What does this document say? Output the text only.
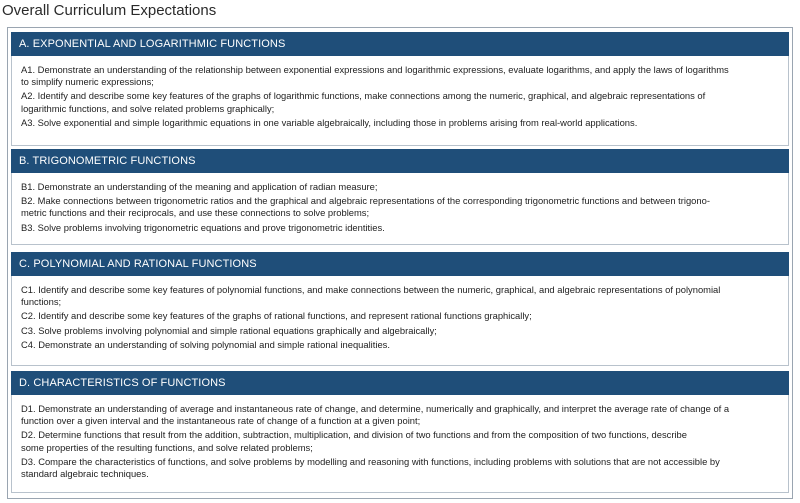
Overall Curriculum Expectations
A. EXPONENTIAL AND LOGARITHMIC FUNCTIONS
A1. Demonstrate an understanding of the relationship between exponential expressions and logarithmic expressions, evaluate logarithms, and apply the laws of logarithms
to simplify numeric expressions;
A2. Identify and describe some key features of the graphs of logarithmic functions, make connections among the numeric, graphical, and algebraic representations of
logarithmic functions, and solve related problems graphically;
A3. Solve exponential and simple logarithmic equations in one variable algebraically, including those in problems arising from real-world applications.
B. TRIGONOMETRIC FUNCTIONS
B1. Demonstrate an understanding of the meaning and application of radian measure;
B2. Make connections between trigonometric ratios and the graphical and algebraic representations of the corresponding trigonometric functions and between trigono-
metric functions and their reciprocals, and use these connections to solve problems;
B3. Solve problems involving trigonometric equations and prove trigonometric identities.
C. POLYNOMIAL AND RATIONAL FUNCTIONS
C1. Identify and describe some key features of polynomial functions, and make connections between the numeric, graphical, and algebraic representations of polynomial
functions;
C2. Identify and describe some key features of the graphs of rational functions, and represent rational functions graphically;
C3. Solve problems involving polynomial and simple rational equations graphically and algebraically;
C4. Demonstrate an understanding of solving polynomial and simple rational inequalities.
D. CHARACTERISTICS OF FUNCTIONS
D1. Demonstrate an understanding of average and instantaneous rate of change, and determine, numerically and graphically, and interpret the average rate of change of a
function over a given interval and the instantaneous rate of change of a function at a given point;
D2. Determine functions that result from the addition, subtraction, multiplication, and division of two functions and from the composition of two functions, describe
some properties of the resulting functions, and solve related problems;
D3. Compare the characteristics of functions, and solve problems by modelling and reasoning with functions, including problems with solutions that are not accessible by
standard algebraic techniques.
